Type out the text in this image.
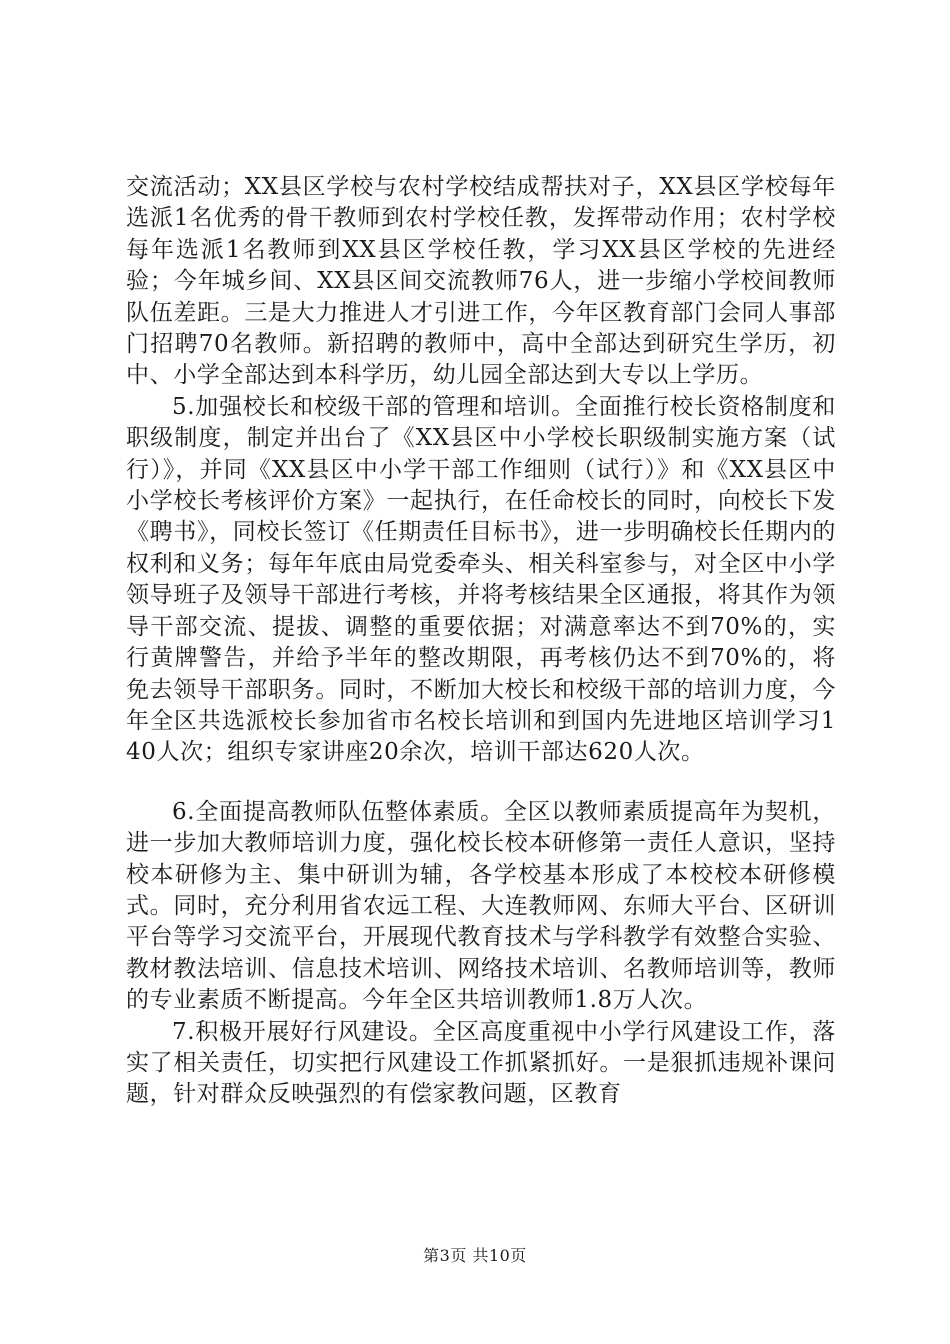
交流活动；XX县区学校与农村学校结成帮扶对子，XX县区学校每年选派1名优秀的骨干教师到农村学校任教，发挥带动作用；农村学校每年选派1名教师到XX县区学校任教，学习XX县区学校的先进经验；今年城乡间、XX县区间交流教师76人，进一步缩小学校间教师队伍差距。三是大力推进人才引进工作，今年区教育部门会同人事部门招聘70名教师。新招聘的教师中，高中全部达到研究生学历，初中、小学全部达到本科学历，幼儿园全部达到大专以上学历。

5.加强校长和校级干部的管理和培训。全面推行校长资格制度和职级制度，制定并出台了《XX县区中小学校长职级制实施方案（试行）》，并同《XX县区中小学干部工作细则（试行）》和《XX县区中小学校长考核评价方案》一起执行，在任命校长的同时，向校长下发《聘书》，同校长签订《任期责任目标书》，进一步明确校长任期内的权利和义务；每年年底由局党委牵头、相关科室参与，对全区中小学领导班子及领导干部进行考核，并将考核结果全区通报，将其作为领导干部交流、提拔、调整的重要依据；对满意率达不到70%的，实行黄牌警告，并给予半年的整改期限，再考核仍达不到70%的，将免去领导干部职务。同时，不断加大校长和校级干部的培训力度，今年全区共选派校长参加省市名校长培训和到国内先进地区培训学习140人次；组织专家讲座20余次，培训干部达620人次。

6.全面提高教师队伍整体素质。全区以教师素质提高年为契机，进一步加大教师培训力度，强化校长校本研修第一责任人意识，坚持校本研修为主、集中研训为辅，各学校基本形成了本校校本研修模式。同时，充分利用省农远工程、大连教师网、东师大平台、区研训平台等学习交流平台，开展现代教育技术与学科教学有效整合实验、教材教法培训、信息技术培训、网络技术培训、名教师培训等，教师的专业素质不断提高。今年全区共培训教师1.8万人次。

7.积极开展好行风建设。全区高度重视中小学行风建设工作，落实了相关责任，切实把行风建设工作抓紧抓好。一是狠抓违规补课问题，针对群众反映强烈的有偿家教问题，区教育

第3页 共10页
